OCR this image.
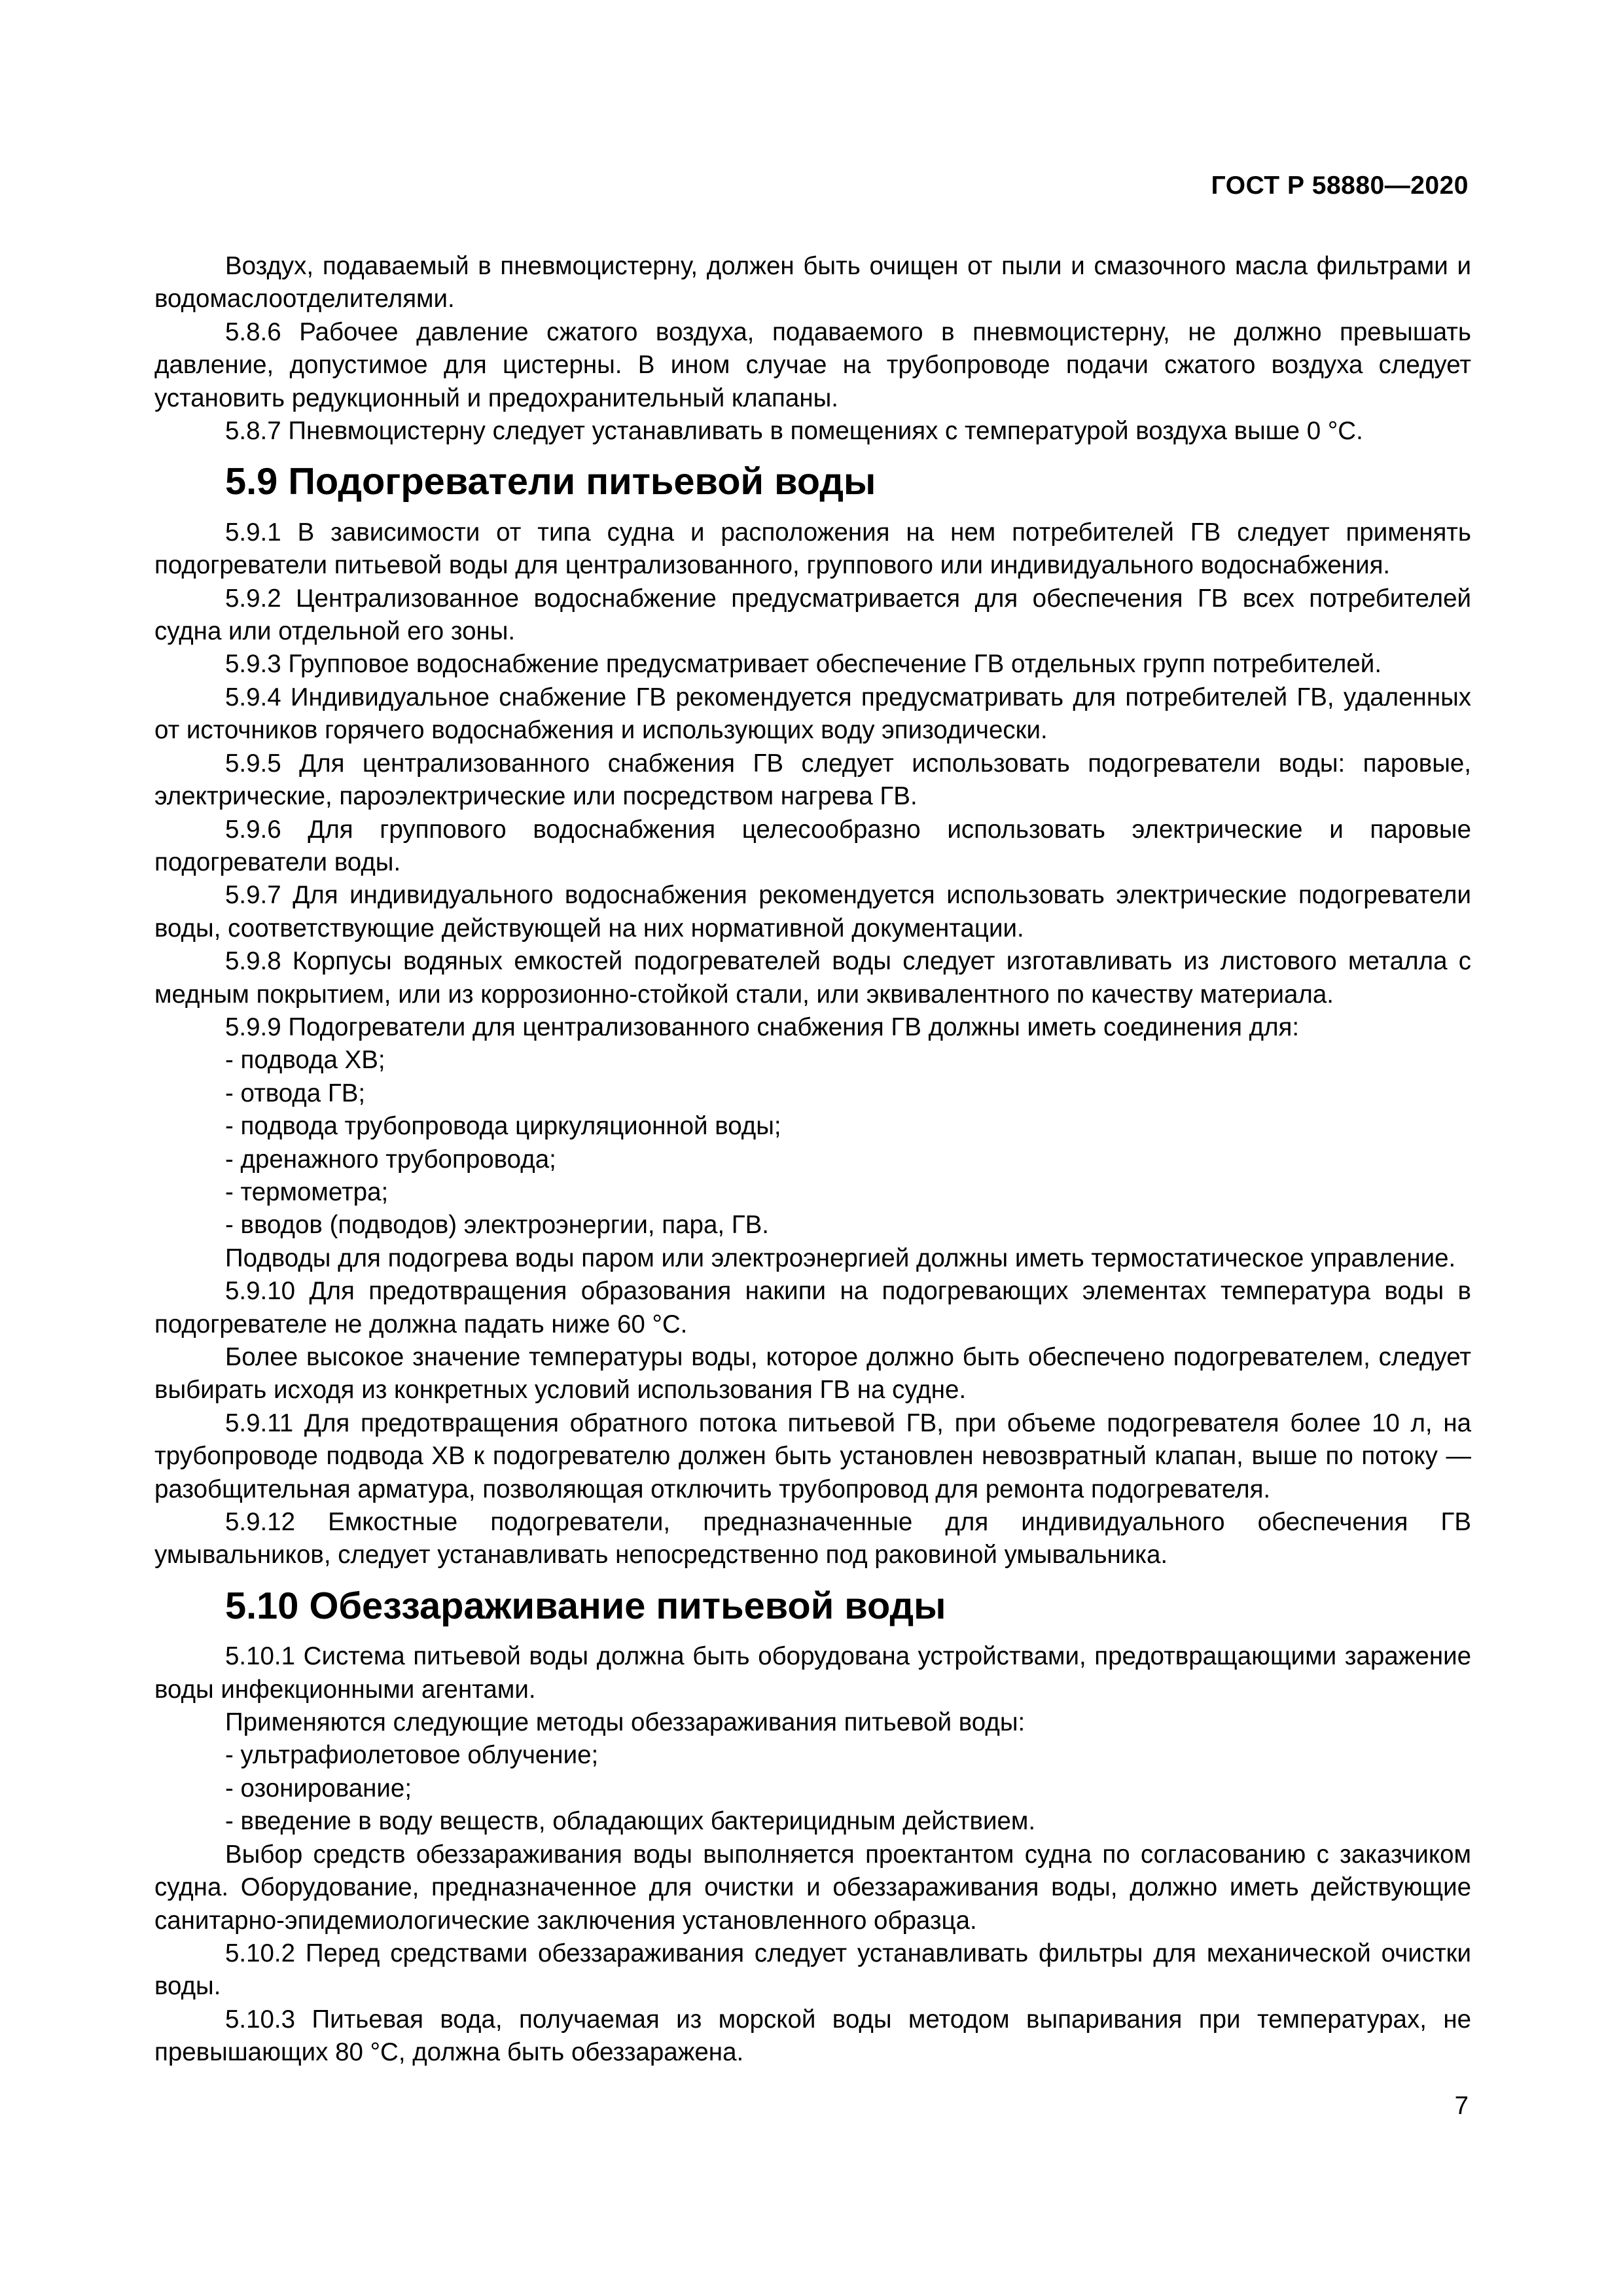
ГОСТ Р 58880—2020

Воздух, подаваемый в пневмоцистерну, должен быть очищен от пыли и смазочного масла фильтрами и водомаслоотделителями.

5.8.6 Рабочее давление сжатого воздуха, подаваемого в пневмоцистерну, не должно превышать давление, допустимое для цистерны. В ином случае на трубопроводе подачи сжатого воздуха следует установить редукционный и предохранительный клапаны.

5.8.7 Пневмоцистерну следует устанавливать в помещениях с температурой воздуха выше 0 °С.

5.9 Подогреватели питьевой воды

5.9.1 В зависимости от типа судна и расположения на нем потребителей ГВ следует применять подогреватели питьевой воды для централизованного, группового или индивидуального водоснабжения.

5.9.2 Централизованное водоснабжение предусматривается для обеспечения ГВ всех потребителей судна или отдельной его зоны.

5.9.3 Групповое водоснабжение предусматривает обеспечение ГВ отдельных групп потребителей.

5.9.4 Индивидуальное снабжение ГВ рекомендуется предусматривать для потребителей ГВ, удаленных от источников горячего водоснабжения и использующих воду эпизодически.

5.9.5 Для централизованного снабжения ГВ следует использовать подогреватели воды: паровые, электрические, пароэлектрические или посредством нагрева ГВ.

5.9.6 Для группового водоснабжения целесообразно использовать электрические и паровые подогреватели воды.

5.9.7 Для индивидуального водоснабжения рекомендуется использовать электрические подогреватели воды, соответствующие действующей на них нормативной документации.

5.9.8 Корпусы водяных емкостей подогревателей воды следует изготавливать из листового металла с медным покрытием, или из коррозионно-стойкой стали, или эквивалентного по качеству материала.

5.9.9 Подогреватели для централизованного снабжения ГВ должны иметь соединения для:

- подвода ХВ;

- отвода ГВ;

- подвода трубопровода циркуляционной воды;

- дренажного трубопровода;

- термометра;

- вводов (подводов) электроэнергии, пара, ГВ.

Подводы для подогрева воды паром или электроэнергией должны иметь термостатическое управление.

5.9.10 Для предотвращения образования накипи на подогревающих элементах температура воды в подогревателе не должна падать ниже 60 °С.

Более высокое значение температуры воды, которое должно быть обеспечено подогревателем, следует выбирать исходя из конкретных условий использования ГВ на судне.

5.9.11 Для предотвращения обратного потока питьевой ГВ, при объеме подогревателя более 10 л, на трубопроводе подвода ХВ к подогревателю должен быть установлен невозвратный клапан, выше по потоку — разобщительная арматура, позволяющая отключить трубопровод для ремонта подогревателя.

5.9.12 Емкостные подогреватели, предназначенные для индивидуального обеспечения ГВ умывальников, следует устанавливать непосредственно под раковиной умывальника.

5.10 Обеззараживание питьевой воды

5.10.1 Система питьевой воды должна быть оборудована устройствами, предотвращающими заражение воды инфекционными агентами.

Применяются следующие методы обеззараживания питьевой воды:

- ультрафиолетовое облучение;

- озонирование;

- введение в воду веществ, обладающих бактерицидным действием.

Выбор средств обеззараживания воды выполняется проектантом судна по согласованию с заказчиком судна. Оборудование, предназначенное для очистки и обеззараживания воды, должно иметь действующие санитарно-эпидемиологические заключения установленного образца.

5.10.2 Перед средствами обеззараживания следует устанавливать фильтры для механической очистки воды.

5.10.3 Питьевая вода, получаемая из морской воды методом выпаривания при температурах, не превышающих 80 °С, должна быть обеззаражена.

7
